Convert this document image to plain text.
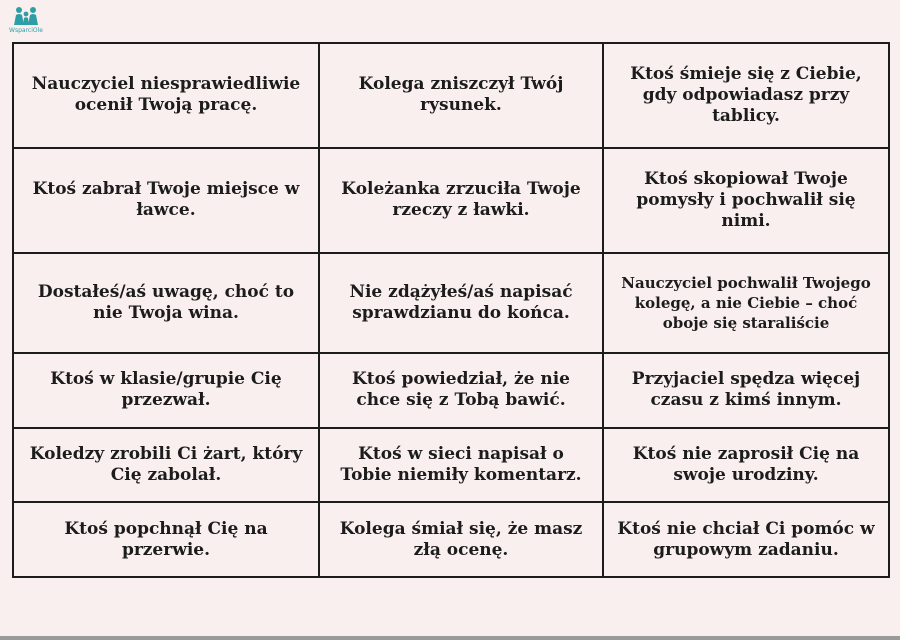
WsparciOle
Nauczyciel niesprawiedliwie ocenił Twoją pracę.	Kolega zniszczył Twój rysunek.	Ktoś śmieje się z Ciebie, gdy odpowiadasz przy tablicy.

Ktoś zabrał Twoje miejsce w ławce.	Koleżanka zrzuciła Twoje rzeczy z ławki.	Ktoś skopiował Twoje pomysły i pochwalił się nimi.

Dostałeś/aś uwagę, choć to nie Twoja wina.	Nie zdążyłeś/aś napisać sprawdzianu do końca.	Nauczyciel pochwalił Twojego kolegę, a nie Ciebie – choć oboje się staraliście

Ktoś w klasie/grupie Cię przezwał.	Ktoś powiedział, że nie chce się z Tobą bawić.	Przyjaciel spędza więcej czasu z kimś innym.

Koledzy zrobili Ci żart, który Cię zabolał.	Ktoś w sieci napisał o Tobie niemiły komentarz.	Ktoś nie zaprosił Cię na swoje urodziny.

Ktoś popchnął Cię na przerwie.	Kolega śmiał się, że masz złą ocenę.	Ktoś nie chciał Ci pomóc w grupowym zadaniu.
